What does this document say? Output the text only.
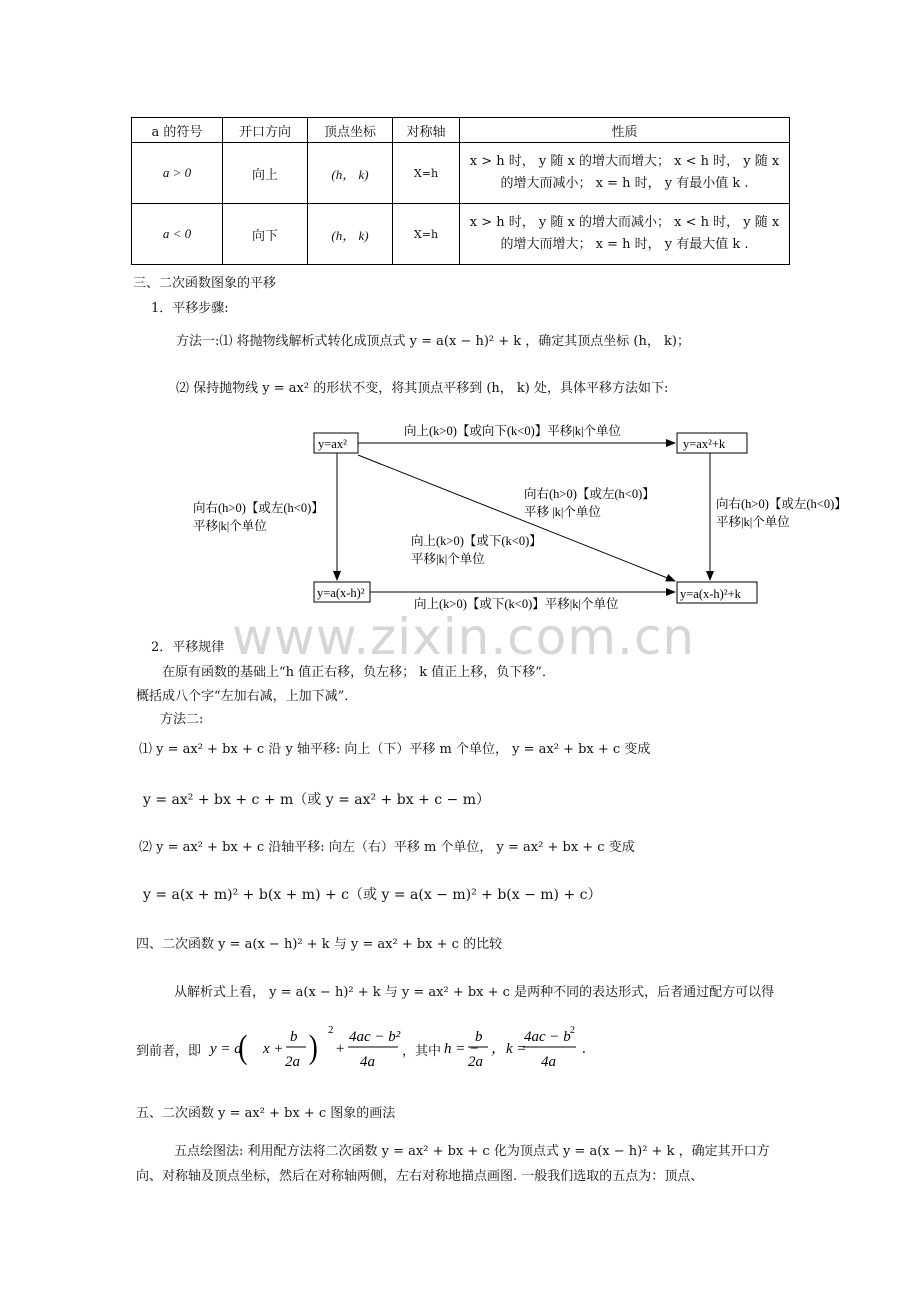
a 的符号	开口方向	顶点坐标	对称轴	性质
a > 0	向上	(h， k)	X=h	x > h 时， y 随 x 的增大而增大； x < h 时， y 随 x
的增大而减小； x = h 时， y 有最小值 k .

a < 0	向下	(h， k)	X=h	x > h 时， y 随 x 的增大而减小； x < h 时， y 随 x
的增大而增大； x = h 时， y 有最大值 k .
三、二次函数图象的平移
1．平移步骤:
方法一:⑴ 将抛物线解析式转化成顶点式 y = a(x − h)² + k ，确定其顶点坐标 (h， k)；
⑵ 保持抛物线 y = ax² 的形状不变，将其顶点平移到 (h， k) 处，具体平移方法如下:
y=ax²	y=ax²+k
y=a(x-h)²	y=a(x-h)²+k
向上(k>0)【或向下(k<0)】平移|k|个单位
向右(h>0)【或左(h<0)】
平移|k|个单位
向右(h>0)【或左(h<0)】
平移|k|个单位
向右(h>0)【或左(h<0)】
平移 |k|个单位
向上(k>0)【或下(k<0)】
平移|k|个单位
向上(k>0)【或下(k<0)】平移|k|个单位
www.zixin.com.cn
2．平移规律
在原有函数的基础上“h 值正右移，负左移； k 值正上移，负下移”．
概括成八个字“左加右减，上加下减”．
方法二:
⑴ y = ax² + bx + c 沿 y 轴平移: 向上（下）平移 m 个单位， y = ax² + bx + c 变成
y = ax² + bx + c + m（或 y = ax² + bx + c − m）
⑵ y = ax² + bx + c 沿轴平移: 向左（右）平移 m 个单位， y = ax² + bx + c 变成
y = a(x + m)² + b(x + m) + c（或 y = a(x − m)² + b(x − m) + c）
四、二次函数 y = a(x − h)² + k 与 y = ax² + bx + c 的比较
从解析式上看， y = a(x − h)² + k 与 y = ax² + bx + c 是两种不同的表达形式，后者通过配方可以得
到前者，即 y = a
( x +
b
2a ) 2
+
4ac − b²
4a
，其中 h = −
b
2a
，k =
4ac − b 2
4a
.
五、二次函数 y = ax² + bx + c 图象的画法
五点绘图法: 利用配方法将二次函数 y = ax² + bx + c 化为顶点式 y = a(x − h)² + k ，确定其开口方
向、对称轴及顶点坐标，然后在对称轴两侧，左右对称地描点画图. 一般我们选取的五点为：顶点、
